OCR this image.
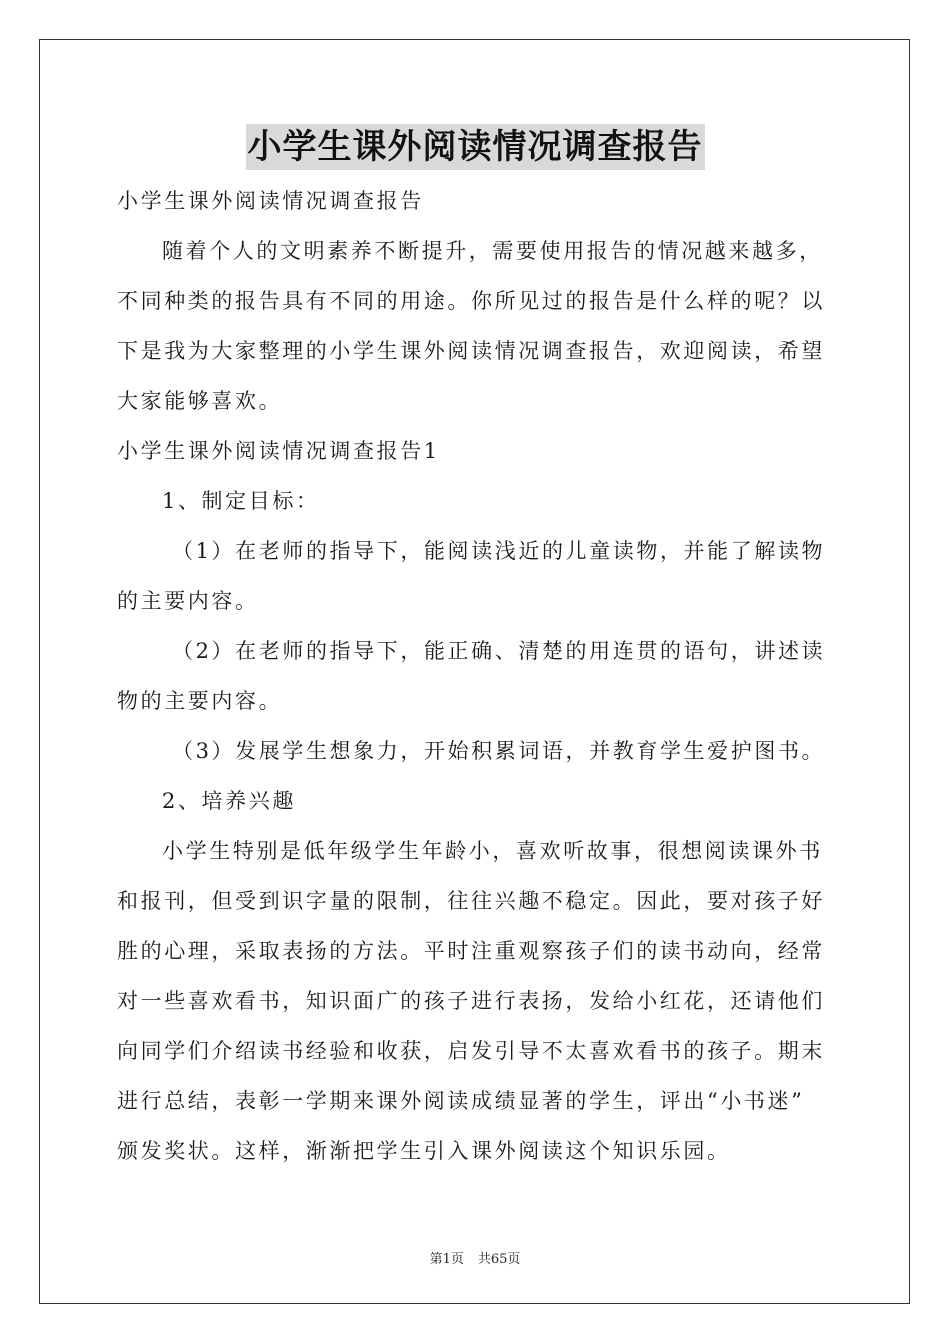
小学生课外阅读情况调查报告

小学生课外阅读情况调查报告

随着个人的文明素养不断提升，需要使用报告的情况越来越多，

不同种类的报告具有不同的用途。你所见过的报告是什么样的呢？以

下是我为大家整理的小学生课外阅读情况调查报告，欢迎阅读，希望

大家能够喜欢。

小学生课外阅读情况调查报告1

1、制定目标：

（1）在老师的指导下，能阅读浅近的儿童读物，并能了解读物

的主要内容。

（2）在老师的指导下，能正确、清楚的用连贯的语句，讲述读

物的主要内容。

（3）发展学生想象力，开始积累词语，并教育学生爱护图书。

2、培养兴趣

小学生特别是低年级学生年龄小，喜欢听故事，很想阅读课外书

和报刊，但受到识字量的限制，往往兴趣不稳定。因此，要对孩子好

胜的心理，采取表扬的方法。平时注重观察孩子们的读书动向，经常

对一些喜欢看书，知识面广的孩子进行表扬，发给小红花，还请他们

向同学们介绍读书经验和收获，启发引导不太喜欢看书的孩子。期末

进行总结，表彰一学期来课外阅读成绩显著的学生，评出“小书迷”

颁发奖状。这样，渐渐把学生引入课外阅读这个知识乐园。

第1页 共65页
